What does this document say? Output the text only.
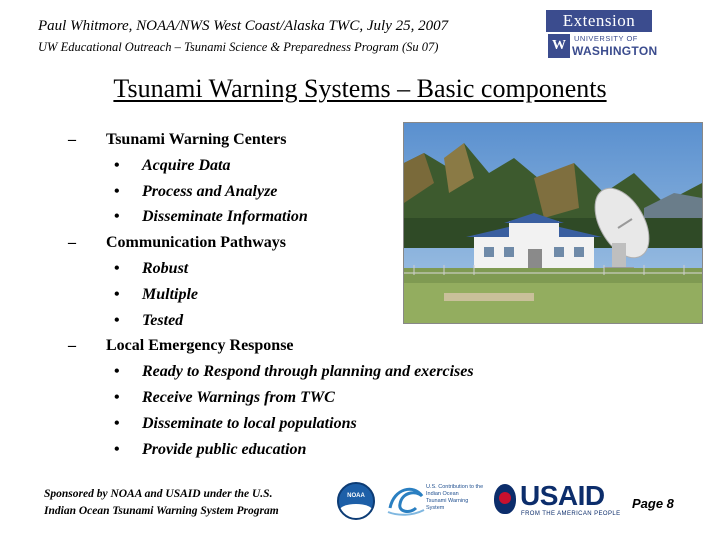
Paul Whitmore, NOAA/NWS West Coast/Alaska TWC, July 25, 2007
UW Educational Outreach – Tsunami Science & Preparedness Program (Su 07)
Extension
W	UNIVERSITY OF
WASHINGTON
Tsunami Warning Systems – Basic components
– Tsunami Warning Centers
• Acquire Data
• Process and Analyze
• Disseminate Information
– Communication Pathways
• Robust
• Multiple
• Tested
– Local Emergency Response
• Ready to Respond through planning and exercises
• Receive Warnings from TWC
• Disseminate to local populations
• Provide public education
Sponsored by NOAA and USAID under the U.S.
Indian Ocean Tsunami Warning System Program
NOAA
U.S. Contribution to the
Indian Ocean
Tsunami Warning
System	USAID
FROM THE AMERICAN PEOPLE
Page 8
